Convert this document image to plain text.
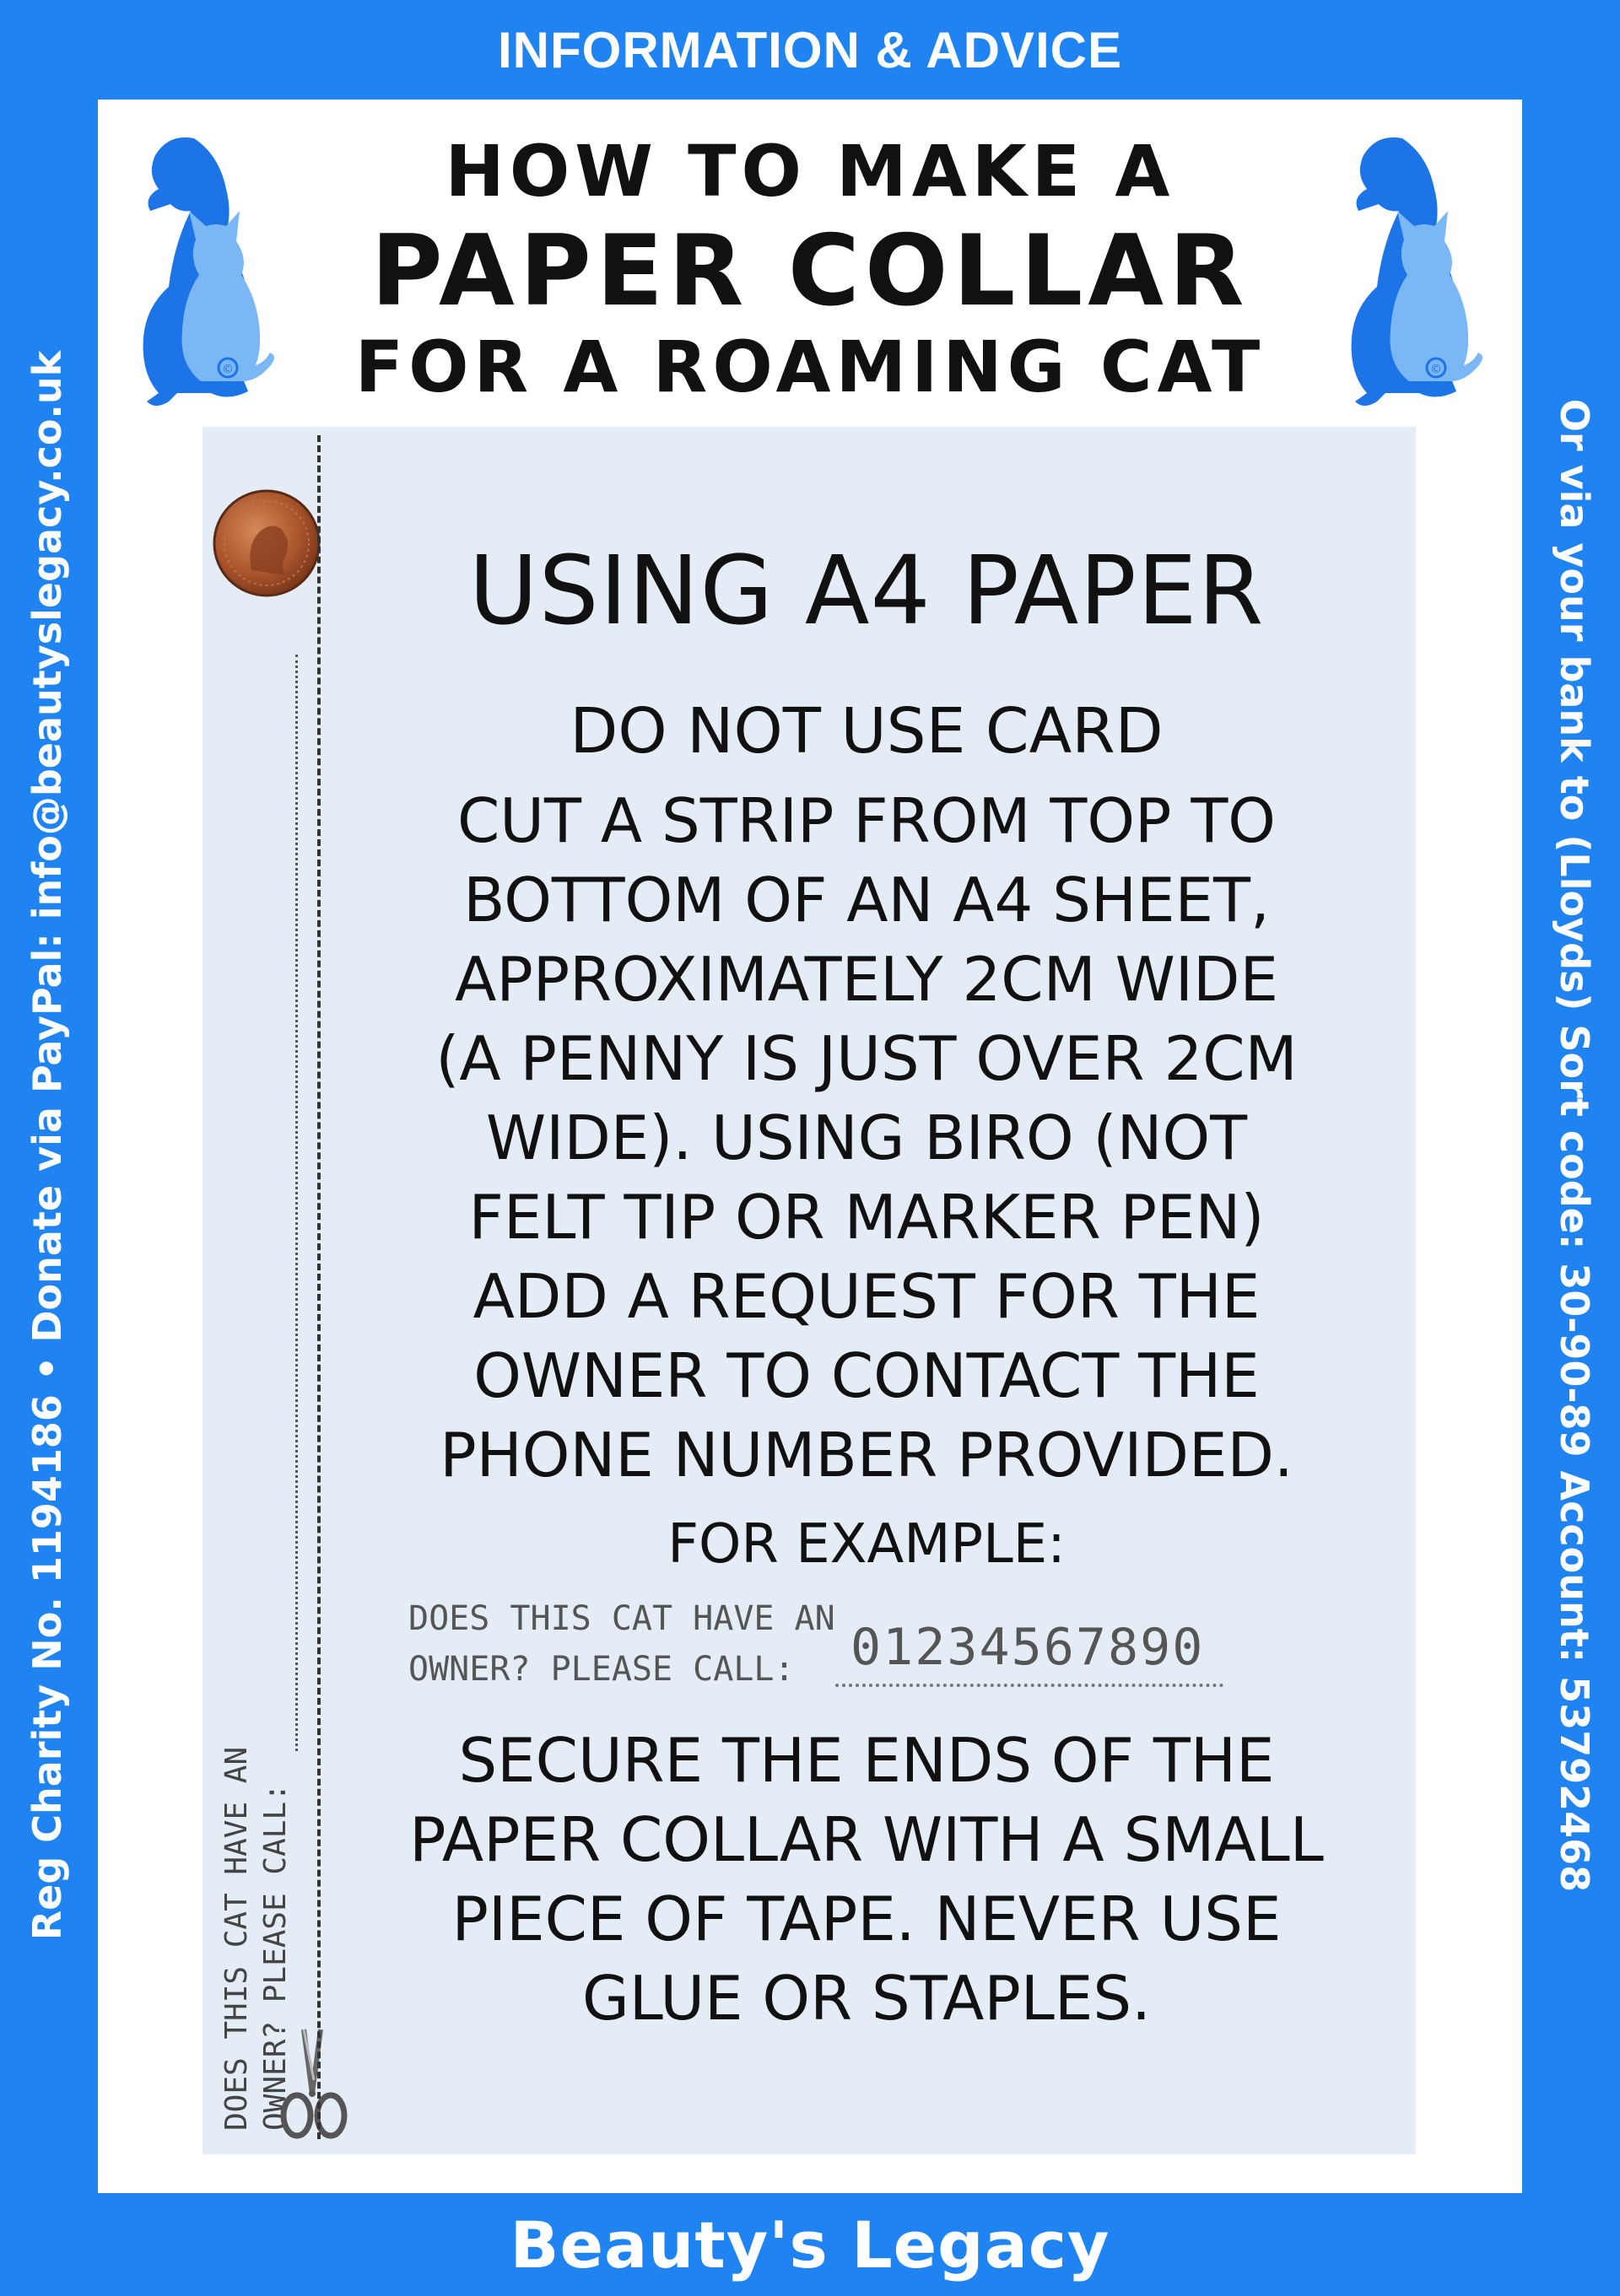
INFORMATION & ADVICE
Reg Charity No. 1194186 • Donate via PayPal: info@beautyslegacy.co.uk	Or via your bank to (Lloyds) Sort code: 30-90-89 Account: 53792468
©	©
HOW TO MAKE A
PAPER COLLAR
FOR A ROAMING CAT
DOES THIS CAT HAVE AN OWNER? PLEASE CALL:
USING A4 PAPER
DO NOT USE CARD
CUT A STRIP FROM TOP TO
BOTTOM OF AN A4 SHEET,
APPROXIMATELY 2CM WIDE
(A PENNY IS JUST OVER 2CM
WIDE). USING BIRO (NOT
FELT TIP OR MARKER PEN)
ADD A REQUEST FOR THE
OWNER TO CONTACT THE
PHONE NUMBER PROVIDED.
FOR EXAMPLE:
DOES THIS CAT HAVE AN
OWNER? PLEASE CALL: 01234567890
SECURE THE ENDS OF THE
PAPER COLLAR WITH A SMALL
PIECE OF TAPE. NEVER USE
GLUE OR STAPLES.
Beauty's Legacy
